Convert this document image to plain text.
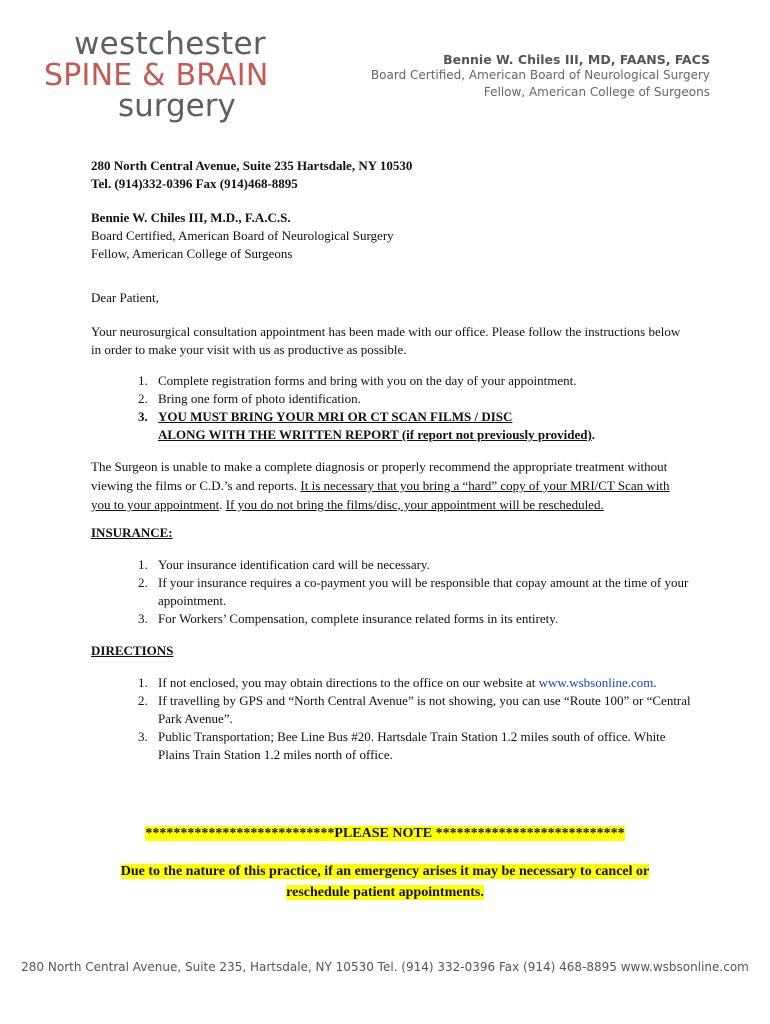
westchester
SPINE & BRAIN
surgery
Bennie W. Chiles III, MD, FAANS, FACS
Board Certified, American Board of Neurological Surgery
Fellow, American College of Surgeons

280 North Central Avenue, Suite 235 Hartsdale, NY 10530

Tel. (914)332-0396 Fax (914)468-8895

Bennie W. Chiles III, M.D., F.A.C.S.

Board Certified, American Board of Neurological Surgery

Fellow, American College of Surgeons

Dear Patient,

Your neurosurgical consultation appointment has been made with our office. Please follow the instructions below in order to make your visit with us as productive as possible.

1. Complete registration forms and bring with you on the day of your appointment.
2. Bring one form of photo identification.
3. YOU MUST BRING YOUR MRI OR CT SCAN FILMS / DISC
ALONG WITH THE WRITTEN REPORT (if report not previously provided).

The Surgeon is unable to make a complete diagnosis or properly recommend the appropriate treatment without viewing the films or C.D.’s and reports. It is necessary that you bring a “hard” copy of your MRI/CT Scan with you to your appointment. If you do not bring the films/disc, your appointment will be rescheduled.

INSURANCE:

1. Your insurance identification card will be necessary.
2. If your insurance requires a co-payment you will be responsible that copay amount at the time of your appointment.
3. For Workers’ Compensation, complete insurance related forms in its entirety.

DIRECTIONS

1. If not enclosed, you may obtain directions to the office on our website at www.wsbsonline.com.
2. If travelling by GPS and “North Central Avenue” is not showing, you can use “Route 100” or “Central Park Avenue”.
3. Public Transportation; Bee Line Bus #20. Hartsdale Train Station 1.2 miles south of office. White Plains Train Station 1.2 miles north of office.
***************************PLEASE NOTE ***************************
Due to the nature of this practice, if an emergency arises it may be necessary to cancel or reschedule patient appointments.
280 North Central Avenue, Suite 235, Hartsdale, NY 10530 Tel. (914) 332-0396 Fax (914) 468-8895 www.wsbsonline.com
